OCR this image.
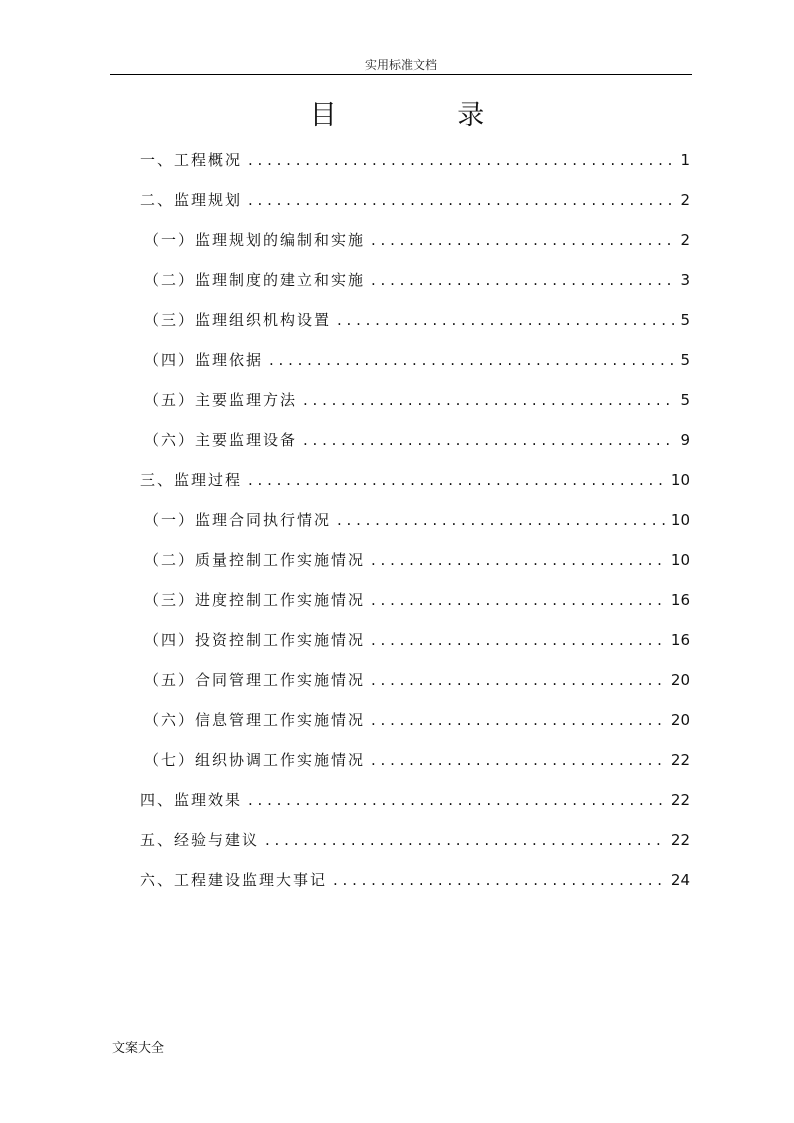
实用标准文档
目 录
一、工程概况 . . .	1
二、监理规划 . . .	2
（一）监理规划的编制和实施 . . .	2
（二）监理制度的建立和实施 . . .	3
（三）监理组织机构设置 . . .	5
（四）监理依据 . . .	5
（五）主要监理方法 . . .	5
（六）主要监理设备 . . .	9
三、监理过程 . . .	10
（一）监理合同执行情况 . . .	10
（二）质量控制工作实施情况 . . .	10
（三）进度控制工作实施情况 . . .	16
（四）投资控制工作实施情况 . . .	16
（五）合同管理工作实施情况 . . .	20
（六）信息管理工作实施情况 . . .	20
（七）组织协调工作实施情况 . . .	22
四、监理效果 . . .	22
五、经验与建议 . . .	22
六、工程建设监理大事记 . . .	24
文案大全
